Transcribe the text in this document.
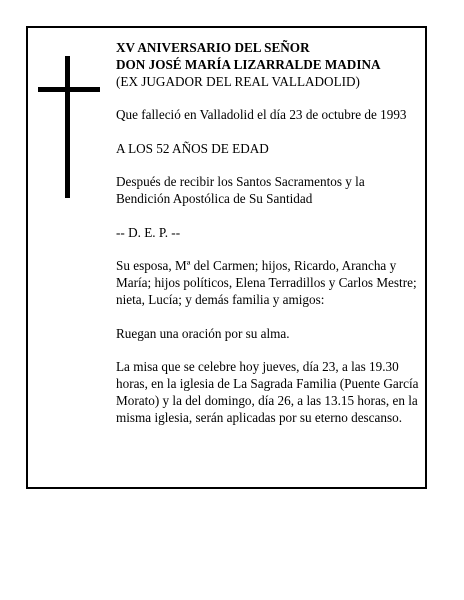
XV ANIVERSARIO DEL SEÑOR
DON JOSÉ MARÍA LIZARRALDE MADINA
(EX JUGADOR DEL REAL VALLADOLID)

Que falleció en Valladolid el día 23 de octubre de 1993

A LOS 52 AÑOS DE EDAD

Después de recibir los Santos Sacramentos y la Bendición Apostólica de Su Santidad

-- D. E. P. --

Su esposa, Mª del Carmen; hijos, Ricardo, Arancha y María; hijos políticos, Elena Terradillos y Carlos Mestre; nieta, Lucía; y demás familia y amigos:

Ruegan una oración por su alma.

La misa que se celebre hoy jueves, día 23, a las 19.30 horas, en la iglesia de La Sagrada Familia (Puente García Morato) y la del domingo, día 26, a las 13.15 horas, en la misma iglesia, serán aplicadas por su eterno descanso.
